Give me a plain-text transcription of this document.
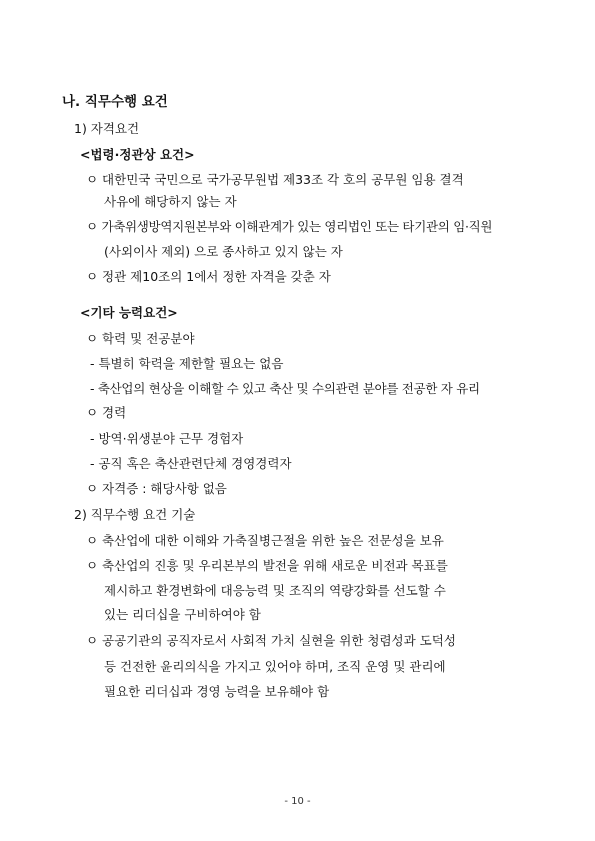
나. 직무수행 요건
1) 자격요건
<법령·정관상 요건>
ㅇ 대한민국 국민으로 국가공무원법 제33조 각 호의 공무원 임용 결격
사유에 해당하지 않는 자
ㅇ 가축위생방역지원본부와 이해관계가 있는 영리법인 또는 타기관의 임·직원
(사외이사 제외) 으로 종사하고 있지 않는 자
ㅇ 정관 제10조의 1에서 정한 자격을 갖춘 자
<기타 능력요건>
ㅇ 학력 및 전공분야
- 특별히 학력을 제한할 필요는 없음
- 축산업의 현상을 이해할 수 있고 축산 및 수의관련 분야를 전공한 자 유리
ㅇ 경력
- 방역·위생분야 근무 경험자
- 공직 혹은 축산관련단체 경영경력자
ㅇ 자격증 : 해당사항 없음
2) 직무수행 요건 기술
ㅇ 축산업에 대한 이해와 가축질병근절을 위한 높은 전문성을 보유
ㅇ 축산업의 진흥 및 우리본부의 발전을 위해 새로운 비전과 목표를
제시하고 환경변화에 대응능력 및 조직의 역량강화를 선도할 수
있는 리더십을 구비하여야 함
ㅇ 공공기관의 공직자로서 사회적 가치 실현을 위한 청렴성과 도덕성
등 건전한 윤리의식을 가지고 있어야 하며, 조직 운영 및 관리에
필요한 리더십과 경영 능력을 보유해야 함
- 10 -
